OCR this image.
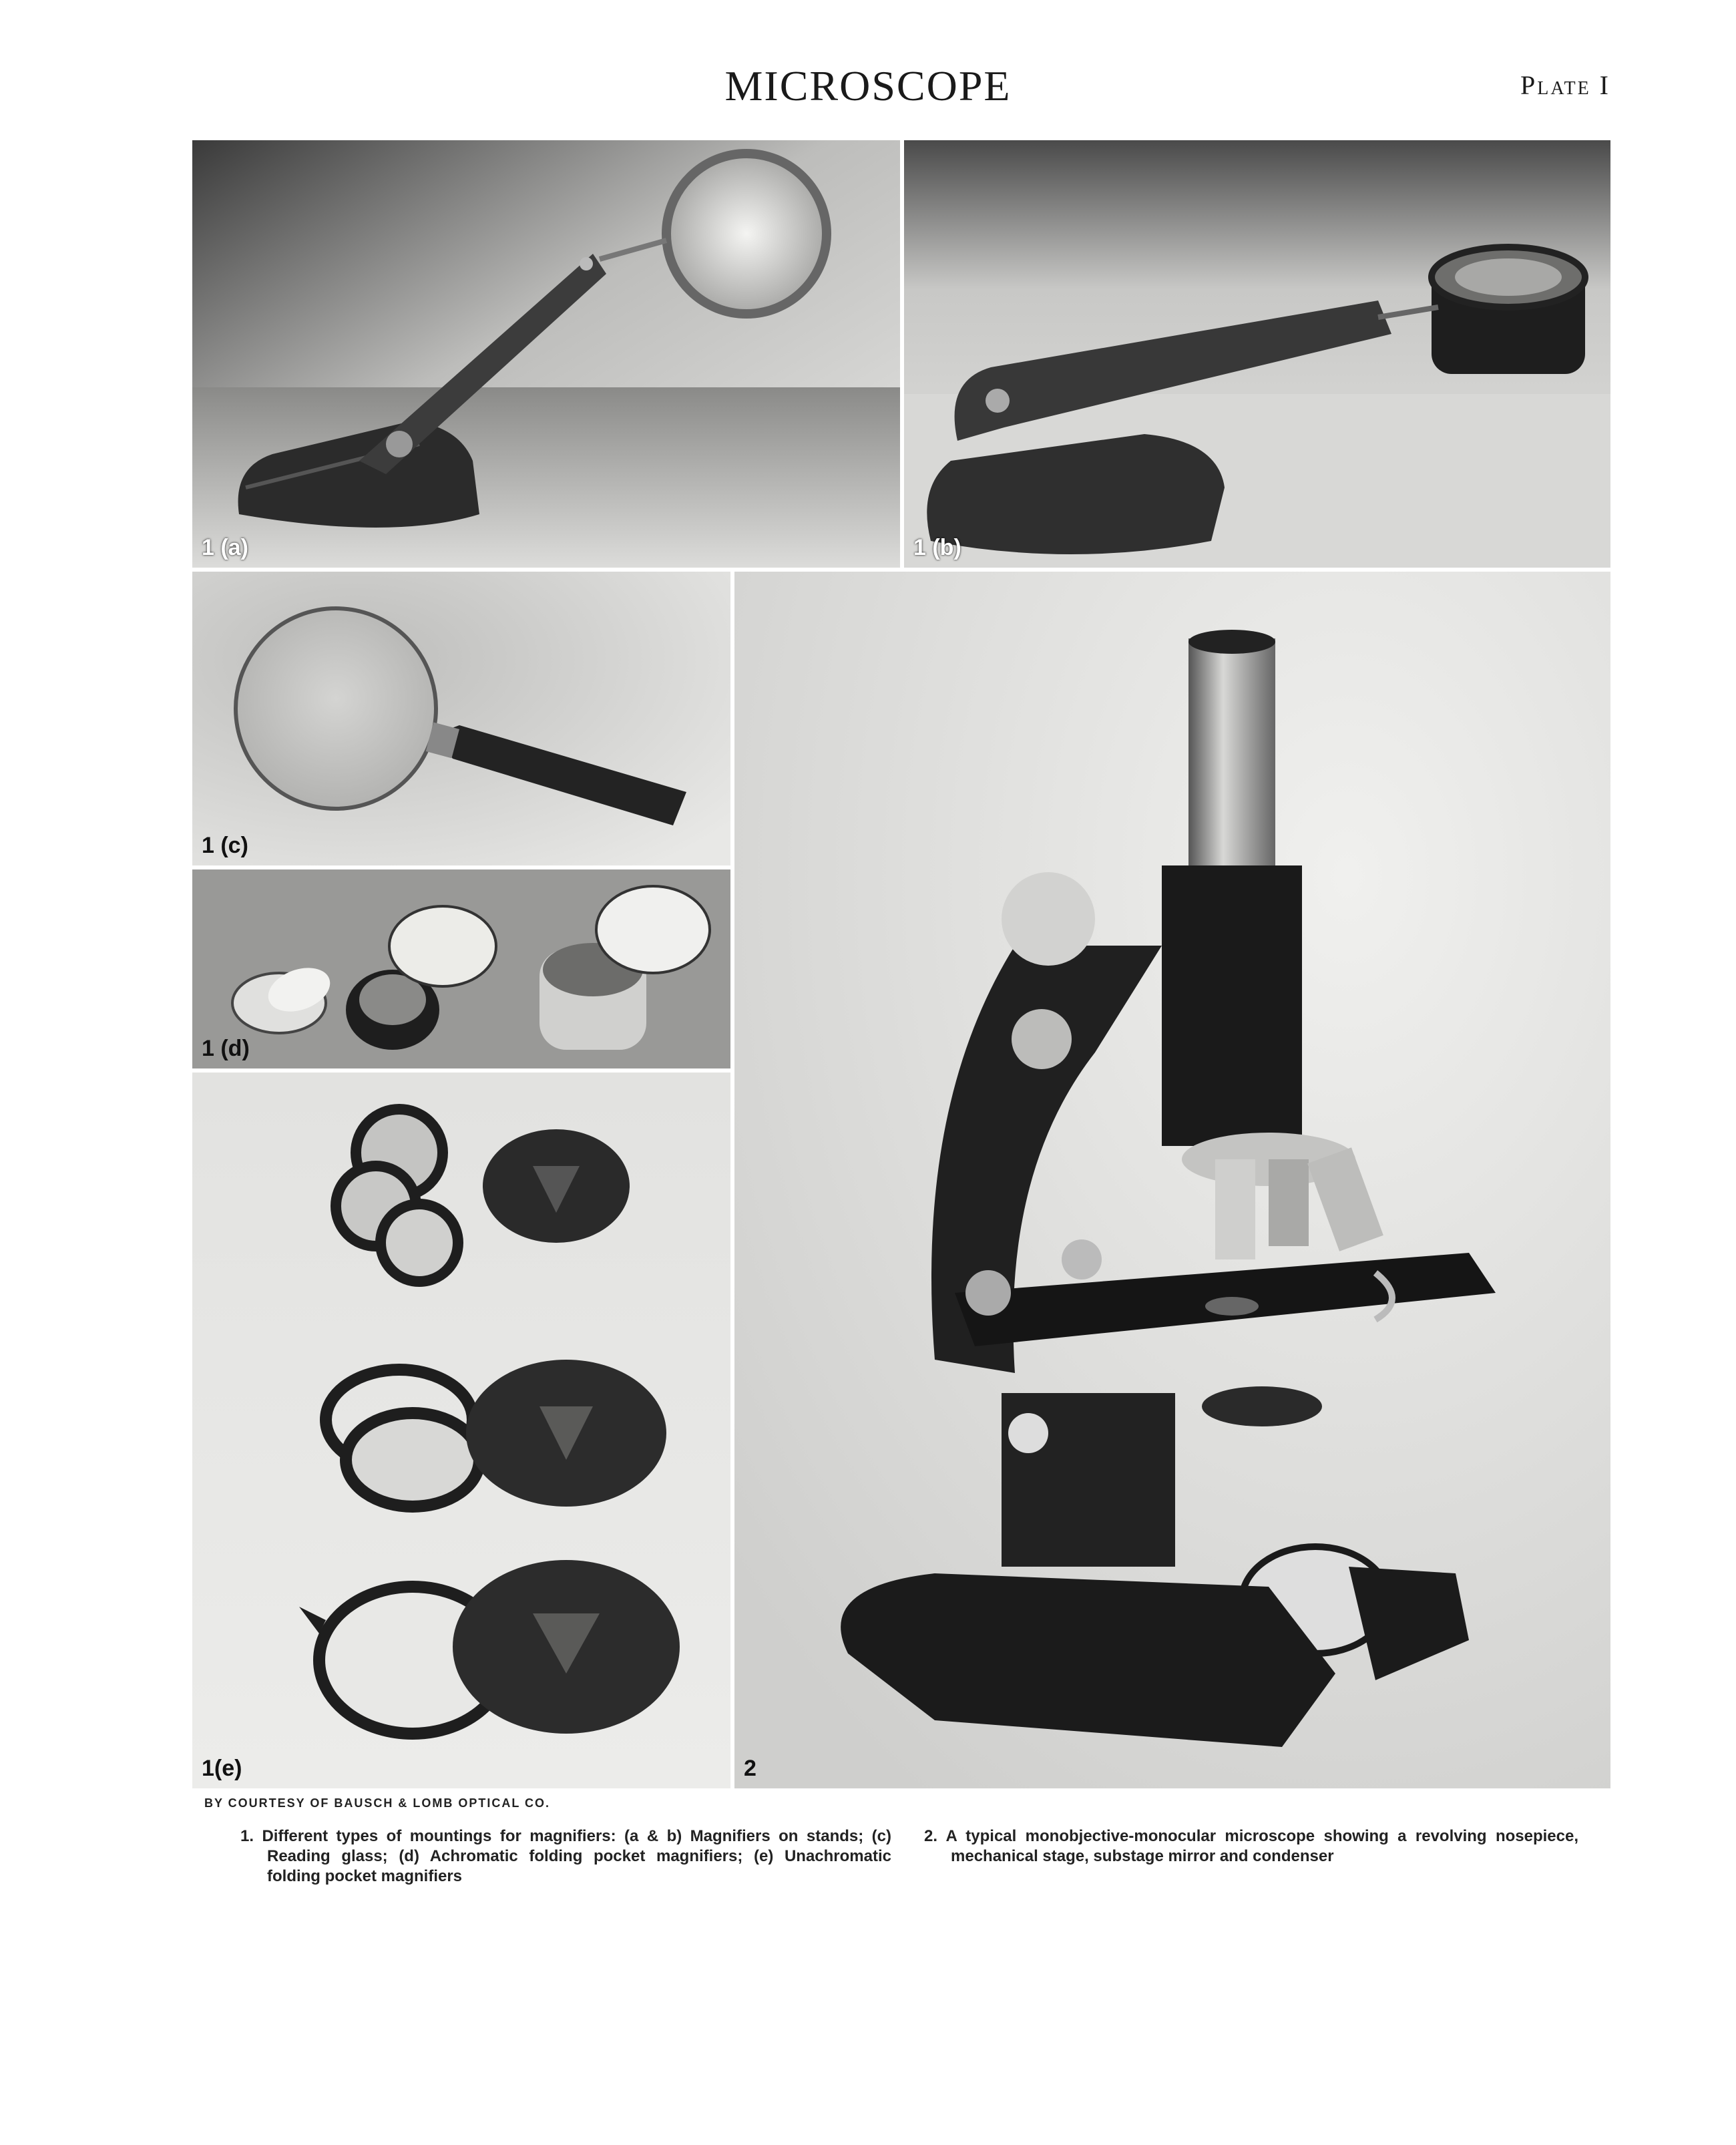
MICROSCOPE	Plate I
1 (a)	1 (b)
1 (c)
1 (d)
1(e)	2
BY COURTESY OF BAUSCH & LOMB OPTICAL CO.

1. Different types of mountings for magnifiers: (a & b) Magnifiers on stands; (c) Reading glass; (d) Achromatic folding pocket magnifiers; (e) Unachromatic folding pocket magnifiers

2. A typical monobjective-monocular microscope showing a revolving nosepiece, mechanical stage, substage mirror and condenser
